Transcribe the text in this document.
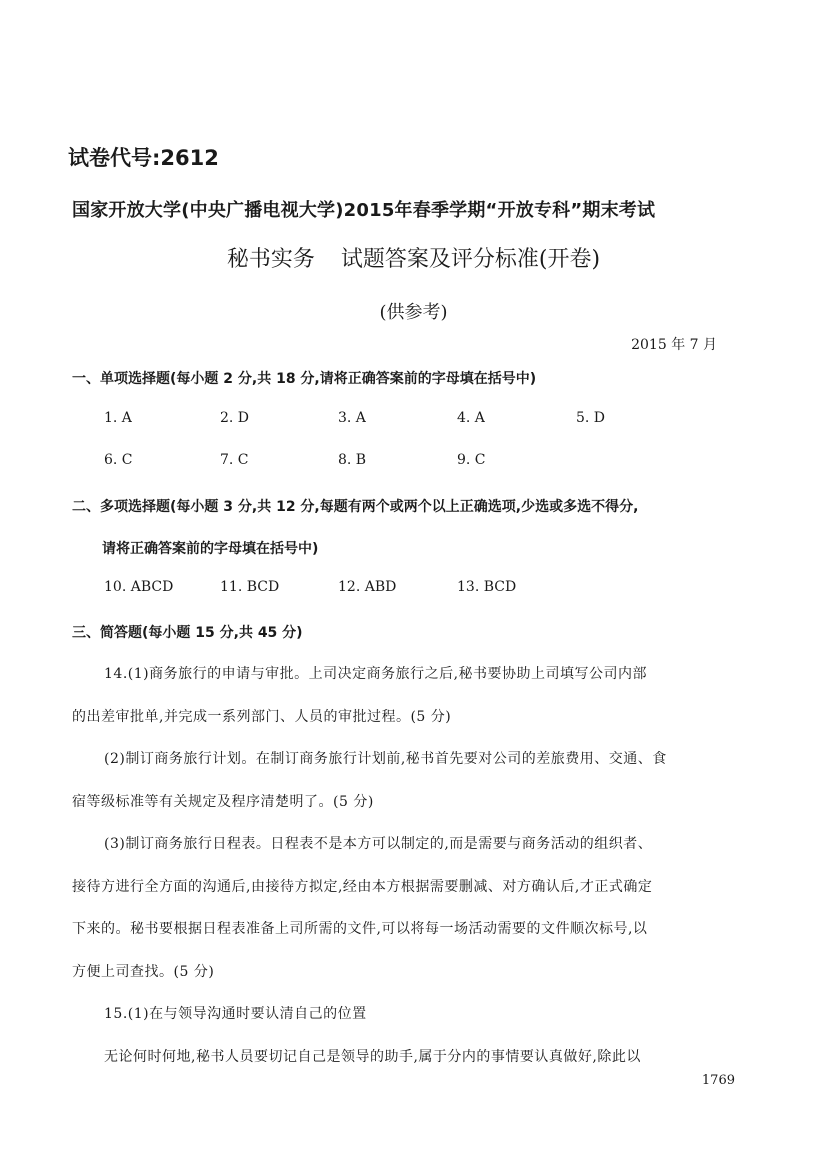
试卷代号:2612
国家开放大学(中央广播电视大学)2015年春季学期“开放专科”期末考试
秘书实务 试题答案及评分标准(开卷)
(供参考)
2015 年 7 月
一、单项选择题(每小题 2 分,共 18 分,请将正确答案前的字母填在括号中)
1. A	2. D	3. A	4. A	5. D
6. C	7. C	8. B	9. C
二、多项选择题(每小题 3 分,共 12 分,每题有两个或两个以上正确选项,少选或多选不得分,
请将正确答案前的字母填在括号中)
10. ABCD	11. BCD	12. ABD	13. BCD
三、简答题(每小题 15 分,共 45 分)
14.(1)商务旅行的申请与审批。上司决定商务旅行之后,秘书要协助上司填写公司内部
的出差审批单,并完成一系列部门、人员的审批过程。(5 分)
(2)制订商务旅行计划。在制订商务旅行计划前,秘书首先要对公司的差旅费用、交通、食
宿等级标准等有关规定及程序清楚明了。(5 分)
(3)制订商务旅行日程表。日程表不是本方可以制定的,而是需要与商务活动的组织者、
接待方进行全方面的沟通后,由接待方拟定,经由本方根据需要删减、对方确认后,才正式确定
下来的。秘书要根据日程表准备上司所需的文件,可以将每一场活动需要的文件顺次标号,以
方便上司查找。(5 分)
15.(1)在与领导沟通时要认清自己的位置
无论何时何地,秘书人员要切记自己是领导的助手,属于分内的事情要认真做好,除此以
1769
